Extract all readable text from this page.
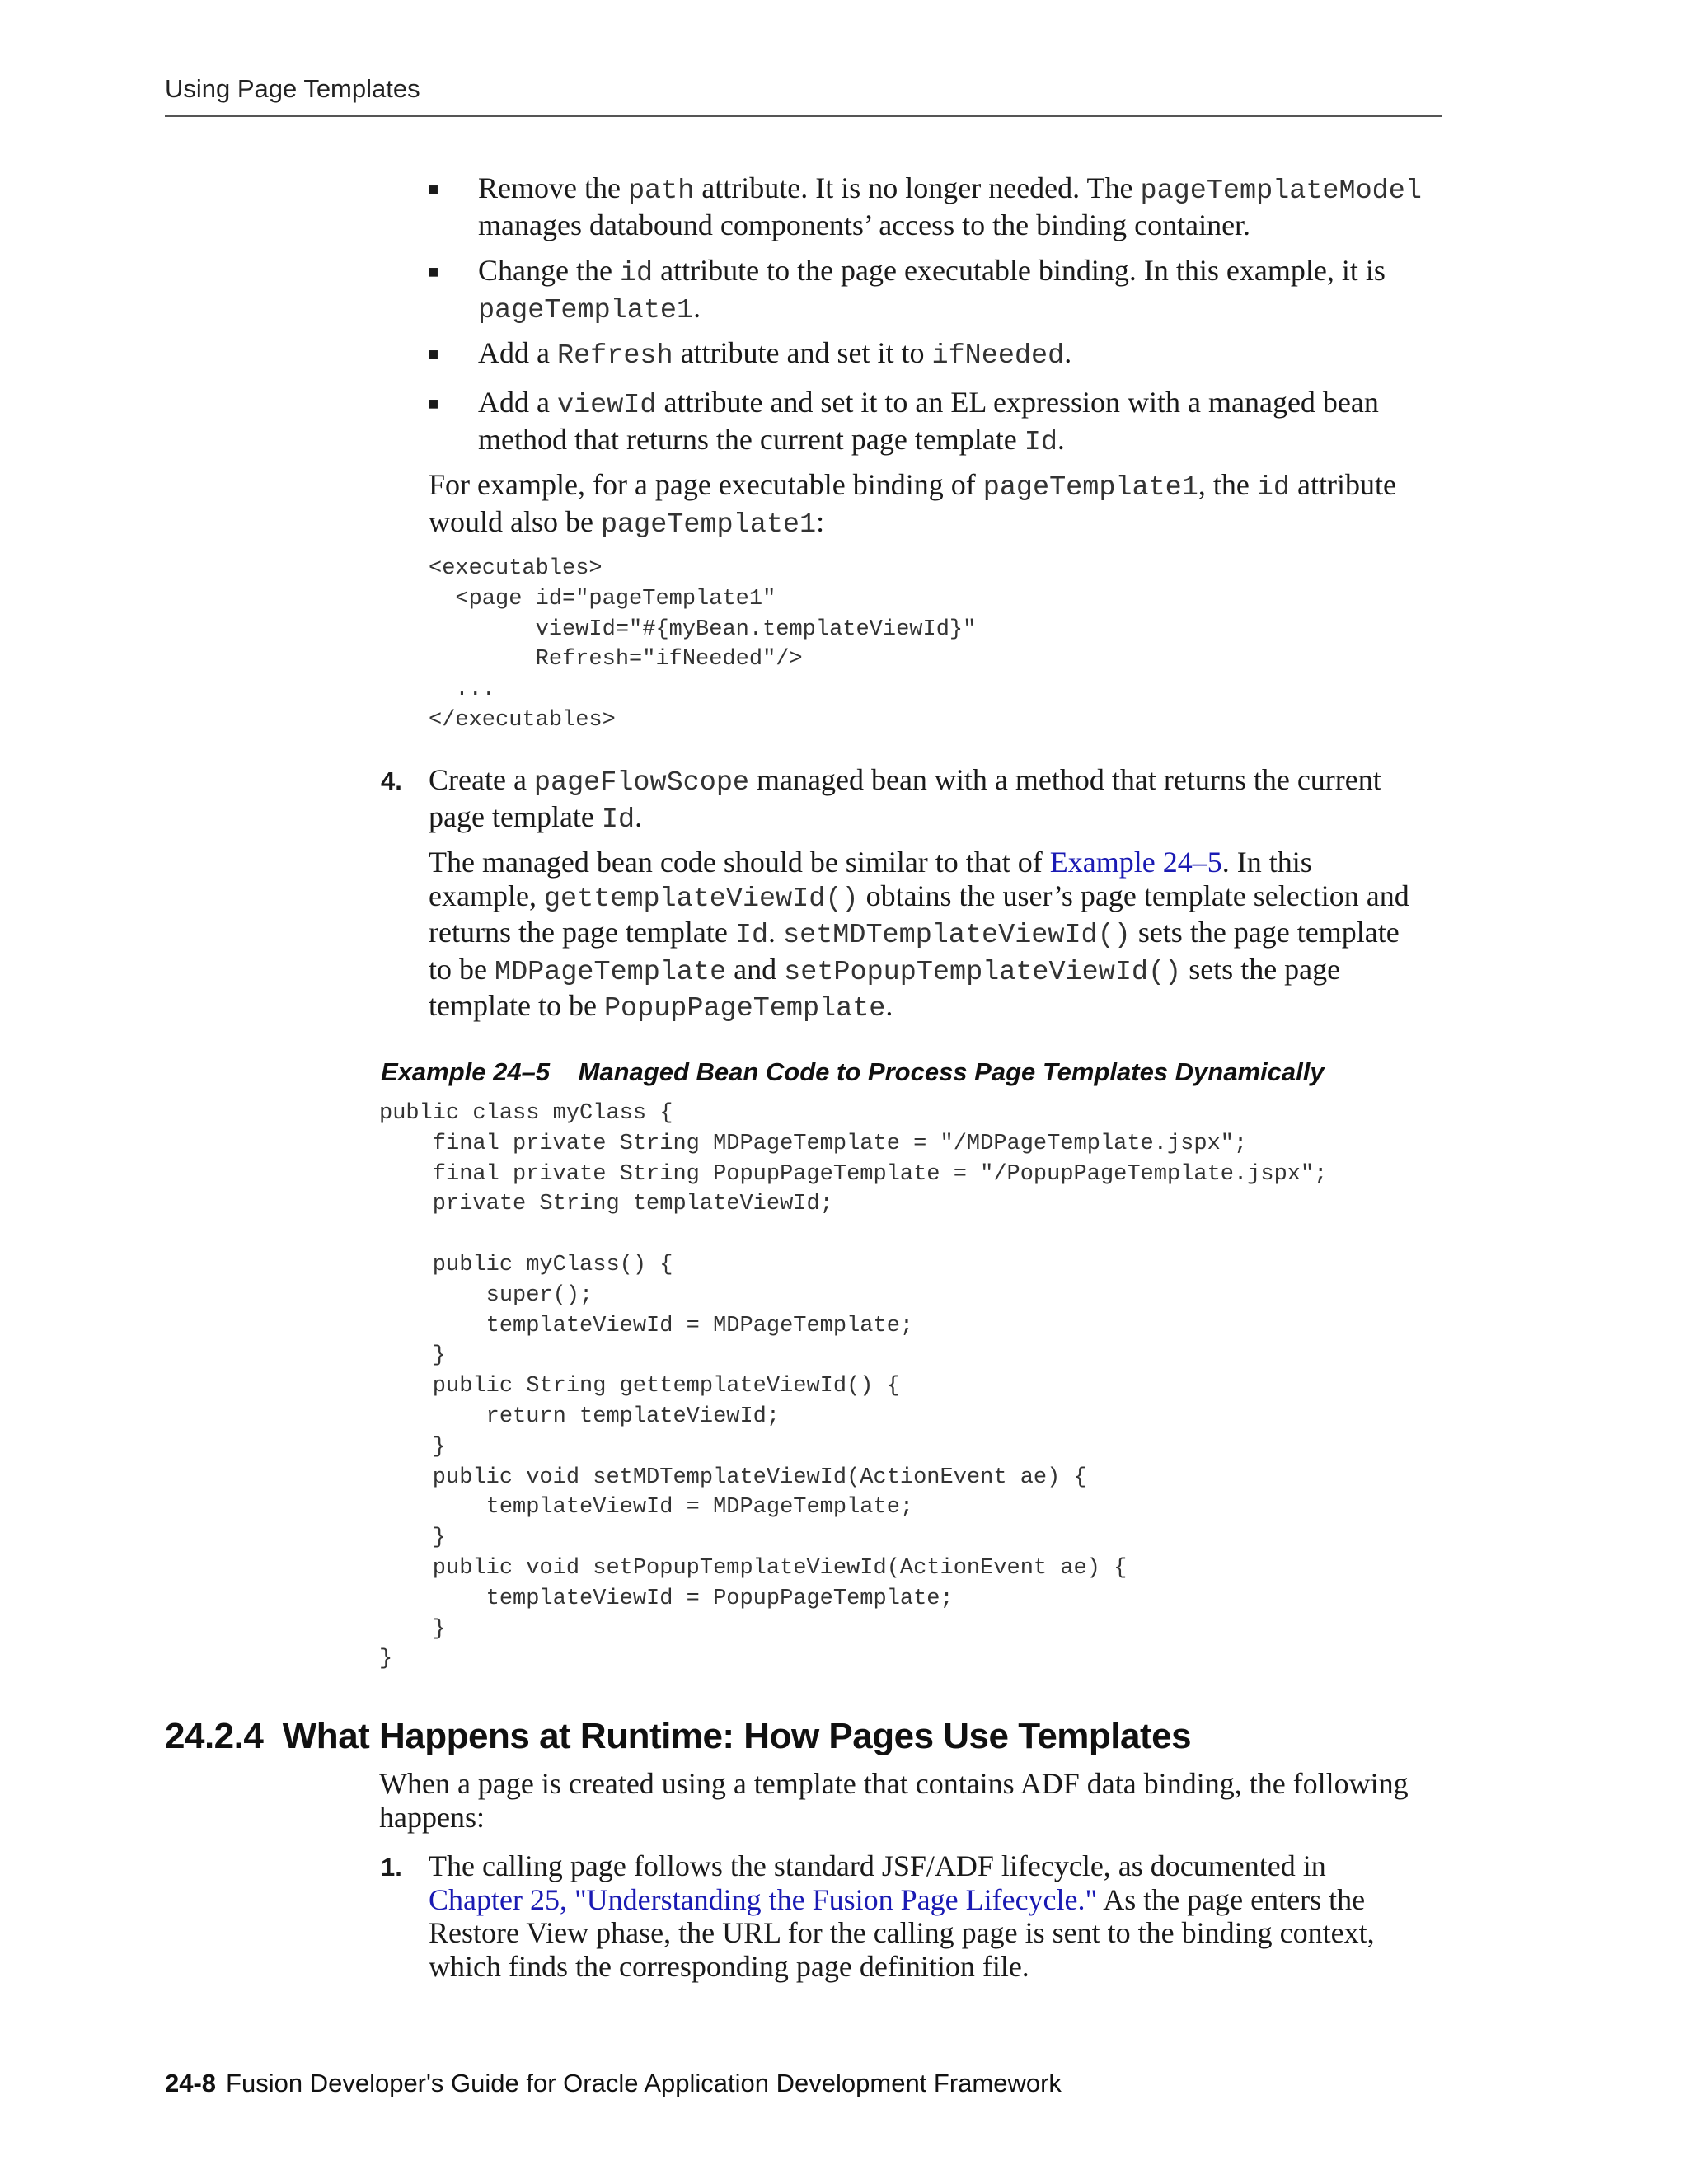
Using Page Templates
■ Remove the path attribute. It is no longer needed. The pageTemplateModel
manages databound components’ access to the binding container.
■ Change the id attribute to the page executable binding. In this example, it is
pageTemplate1.
■ Add a Refresh attribute and set it to ifNeeded.
■ Add a viewId attribute and set it to an EL expression with a managed bean
method that returns the current page template Id.
For example, for a page executable binding of pageTemplate1, the id attribute
would also be pageTemplate1:
<executables>
<page id="pageTemplate1"
viewId="#{myBean.templateViewId}"
Refresh="ifNeeded"/>
...
</executables>
4. Create a pageFlowScope managed bean with a method that returns the current
page template Id.
The managed bean code should be similar to that of Example 24–5. In this
example, gettemplateViewId() obtains the user’s page template selection and
returns the page template Id. setMDTemplateViewId() sets the page template
to be MDPageTemplate and setPopupTemplateViewId() sets the page
template to be PopupPageTemplate.
Example 24–5    Managed Bean Code to Process Page Templates Dynamically
public class myClass {
final private String MDPageTemplate = "/MDPageTemplate.jspx";
final private String PopupPageTemplate = "/PopupPageTemplate.jspx";
private String templateViewId;

public myClass() {
super();
templateViewId = MDPageTemplate;
}
public String gettemplateViewId() {
return templateViewId;
}
public void setMDTemplateViewId(ActionEvent ae) {
templateViewId = MDPageTemplate;
}
public void setPopupTemplateViewId(ActionEvent ae) {
templateViewId = PopupPageTemplate;
}
}
24.2.4  What Happens at Runtime: How Pages Use Templates
When a page is created using a template that contains ADF data binding, the following
happens:
1. The calling page follows the standard JSF/ADF lifecycle, as documented in
Chapter 25, "Understanding the Fusion Page Lifecycle." As the page enters the
Restore View phase, the URL for the calling page is sent to the binding context,
which finds the corresponding page definition file.
24-8 Fusion Developer's Guide for Oracle Application Development Framework
